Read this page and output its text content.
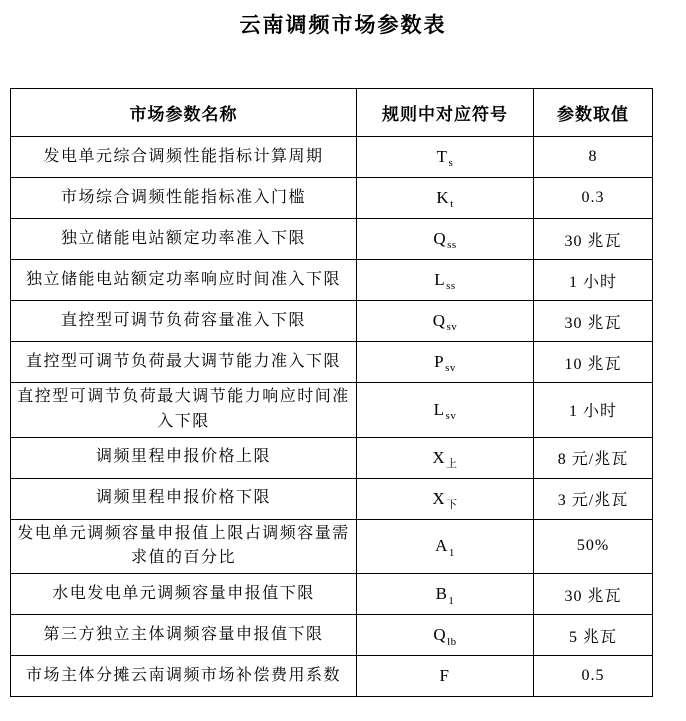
云南调频市场参数表
市场参数名称	规则中对应符号	参数取值
发电单元综合调频性能指标计算周期	$T_s$	8
市场综合调频性能指标准入门槛	$K_t$	0.3
独立储能电站额定功率准入下限	$Q_{ss}$	30 兆瓦
独立储能电站额定功率响应时间准入下限	$L_{ss}$	1 小时
直控型可调节负荷容量准入下限	$Q_{sv}$	30 兆瓦
直控型可调节负荷最大调节能力准入下限	$P_{sv}$	10 兆瓦
直控型可调节负荷最大调节能力响应时间准入下限	$L_{sv}$	1 小时
调频里程申报价格上限	$X_上$	8 元/兆瓦
调频里程申报价格下限	$X_下$	3 元/兆瓦
发电单元调频容量申报值上限占调频容量需求值的百分比	$A_1$	50%
水电发电单元调频容量申报值下限	$B_1$	30 兆瓦
第三方独立主体调频容量申报值下限	$Q_{lb}$	5 兆瓦
市场主体分摊云南调频市场补偿费用系数	F	0.5
